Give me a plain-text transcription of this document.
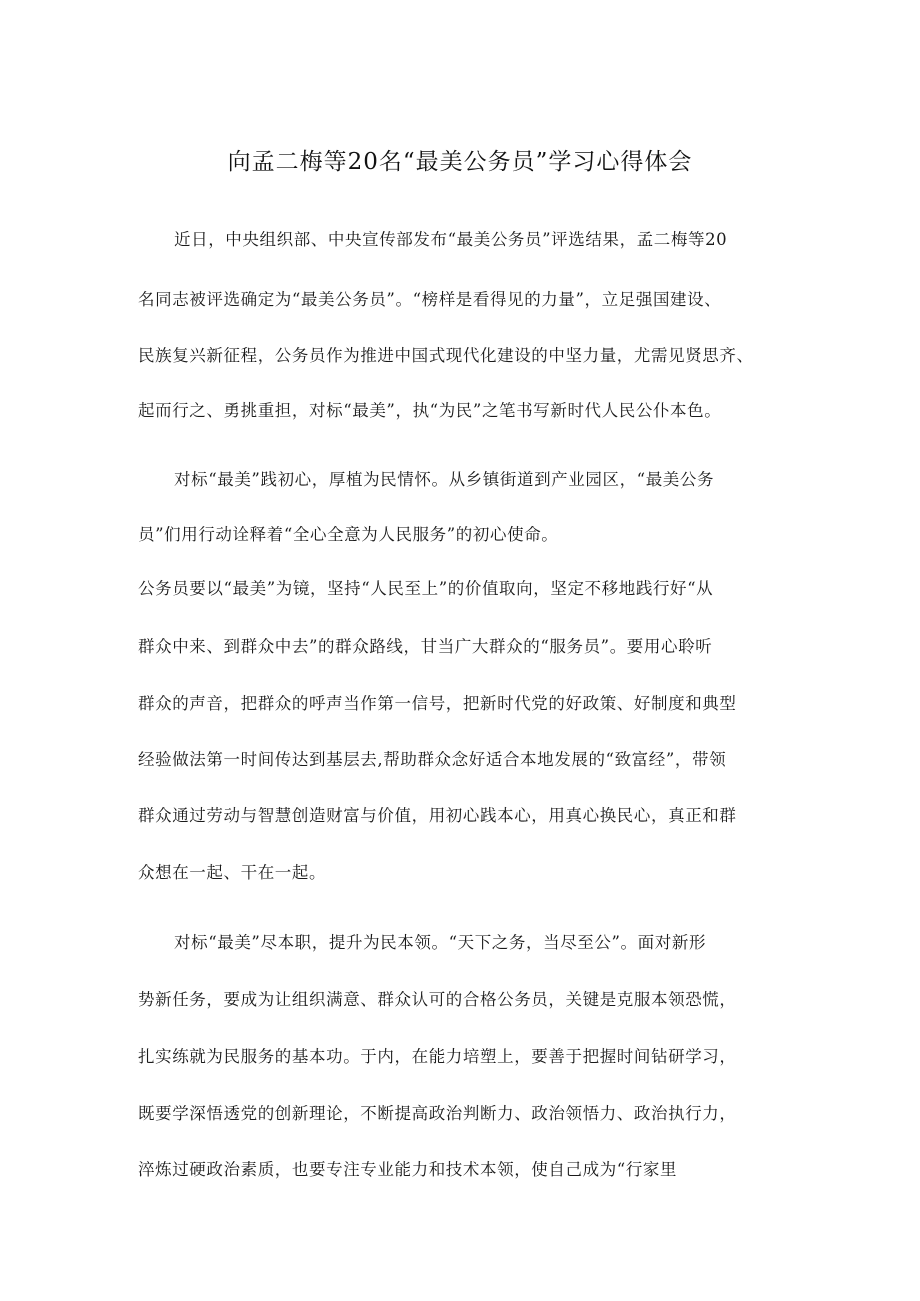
向孟二梅等20名“最美公务员”学习心得体会
近日，中央组织部、中央宣传部发布“最美公务员”评选结果，孟二梅等20
名同志被评选确定为“最美公务员”。“榜样是看得见的力量”，立足强国建设、
民族复兴新征程，公务员作为推进中国式现代化建设的中坚力量，尤需见贤思齐、
起而行之、勇挑重担，对标“最美”，执“为民”之笔书写新时代人民公仆本色。
对标“最美”践初心，厚植为民情怀。从乡镇街道到产业园区，“最美公务
员”们用行动诠释着“全心全意为人民服务”的初心使命。
公务员要以“最美”为镜，坚持“人民至上”的价值取向，坚定不移地践行好“从
群众中来、到群众中去”的群众路线，甘当广大群众的“服务员”。要用心聆听
群众的声音，把群众的呼声当作第一信号，把新时代党的好政策、好制度和典型
经验做法第一时间传达到基层去,帮助群众念好适合本地发展的“致富经”，带领
群众通过劳动与智慧创造财富与价值，用初心践本心，用真心换民心，真正和群
众想在一起、干在一起。
对标“最美”尽本职，提升为民本领。“天下之务，当尽至公”。面对新形
势新任务，要成为让组织满意、群众认可的合格公务员，关键是克服本领恐慌，
扎实练就为民服务的基本功。于内，在能力培塑上，要善于把握时间钻研学习，
既要学深悟透党的创新理论，不断提高政治判断力、政治领悟力、政治执行力，
淬炼过硬政治素质，也要专注专业能力和技术本领，使自己成为“行家里
